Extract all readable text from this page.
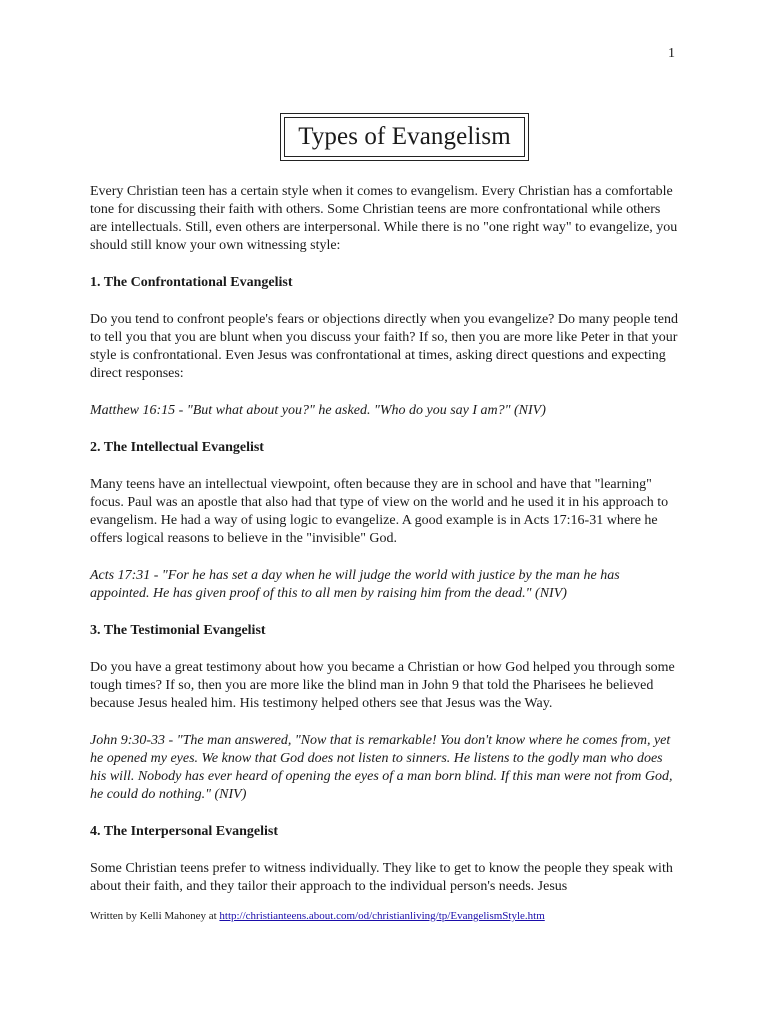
1
Types of Evangelism

Every Christian teen has a certain style when it comes to evangelism. Every Christian has a comfortable tone for discussing their faith with others. Some Christian teens are more confrontational while others are intellectuals. Still, even others are interpersonal. While there is no "one right way" to evangelize, you should still know your own witnessing style:

1. The Confrontational Evangelist

Do you tend to confront people's fears or objections directly when you evangelize? Do many people tend to tell you that you are blunt when you discuss your faith? If so, then you are more like Peter in that your style is confrontational. Even Jesus was confrontational at times, asking direct questions and expecting direct responses:

Matthew 16:15 - "But what about you?" he asked. "Who do you say I am?" (NIV)

2. The Intellectual Evangelist

Many teens have an intellectual viewpoint, often because they are in school and have that "learning" focus. Paul was an apostle that also had that type of view on the world and he used it in his approach to evangelism. He had a way of using logic to evangelize. A good example is in Acts 17:16-31 where he offers logical reasons to believe in the "invisible" God.

Acts 17:31 - "For he has set a day when he will judge the world with justice by the man he has appointed. He has given proof of this to all men by raising him from the dead." (NIV)

3. The Testimonial Evangelist

Do you have a great testimony about how you became a Christian or how God helped you through some tough times? If so, then you are more like the blind man in John 9 that told the Pharisees he believed because Jesus healed him. His testimony helped others see that Jesus was the Way.

John 9:30-33 - "The man answered, "Now that is remarkable! You don't know where he comes from, yet he opened my eyes. We know that God does not listen to sinners. He listens to the godly man who does his will. Nobody has ever heard of opening the eyes of a man born blind. If this man were not from God, he could do nothing." (NIV)

4. The Interpersonal Evangelist

Some Christian teens prefer to witness individually. They like to get to know the people they speak with about their faith, and they tailor their approach to the individual person's needs. Jesus

Written by Kelli Mahoney at http://christianteens.about.com/od/christianliving/tp/EvangelismStyle.htm
